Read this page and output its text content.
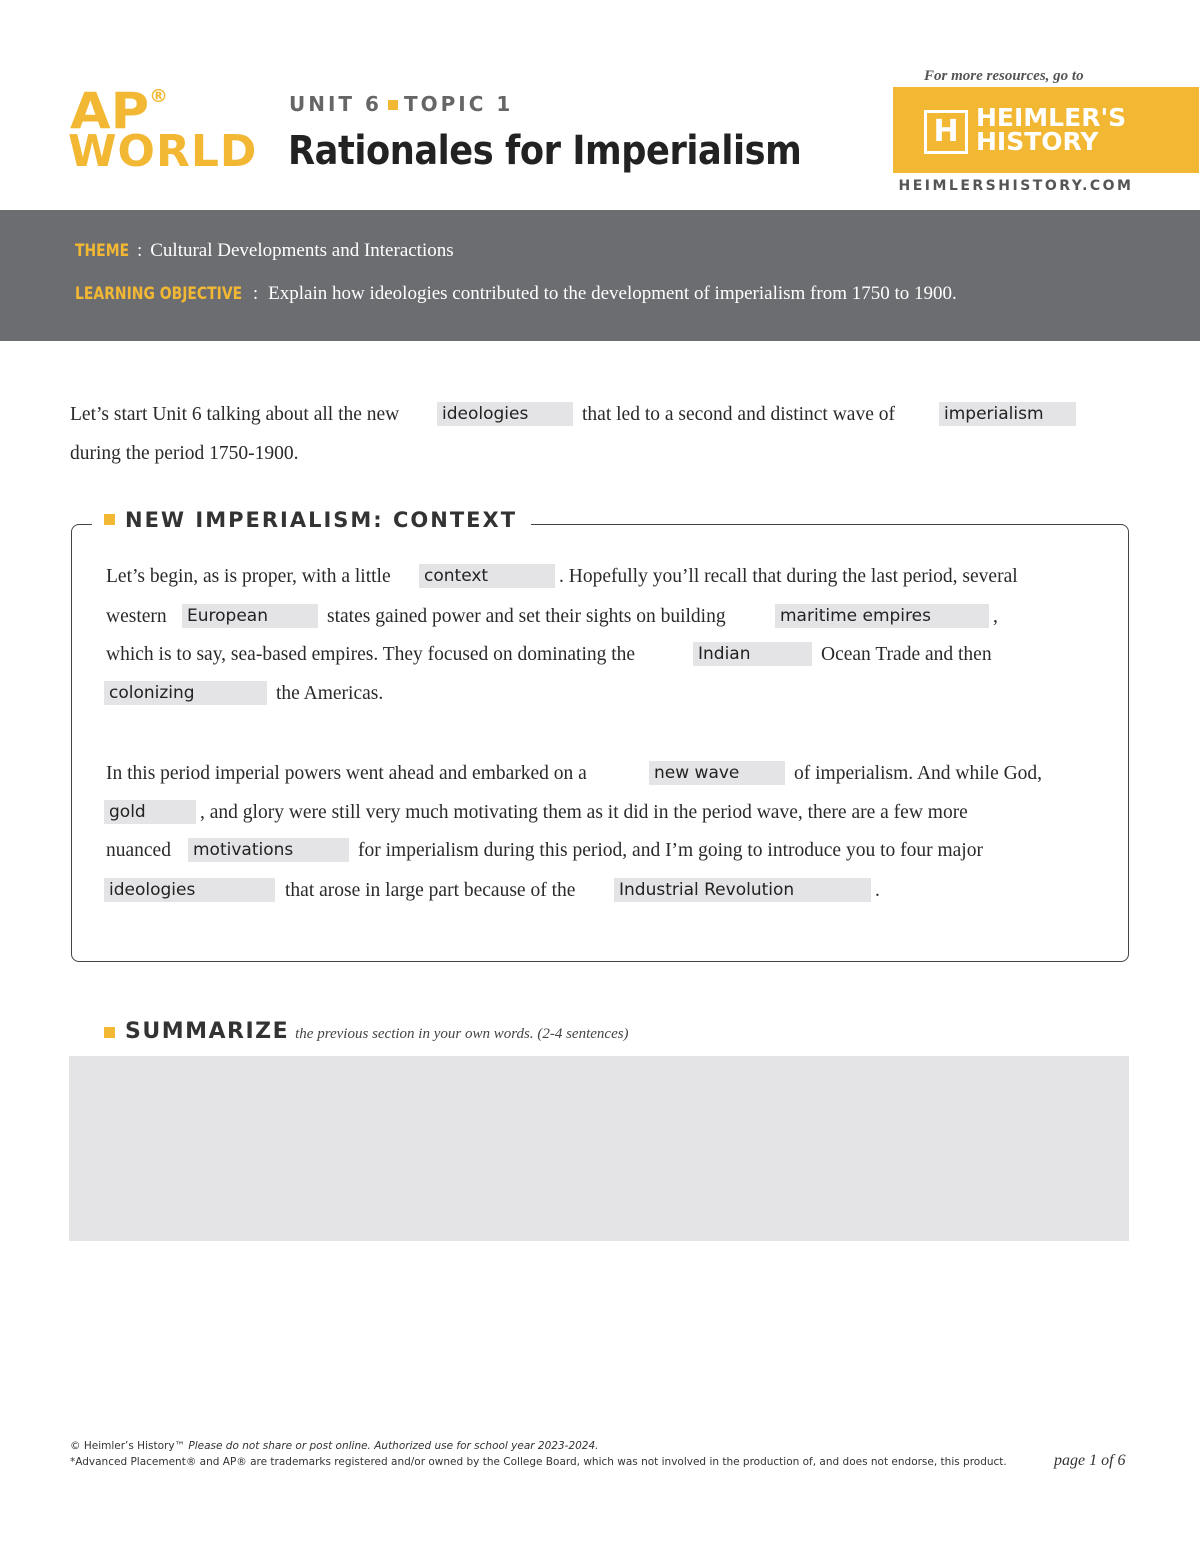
AP®
WORLD
UNIT 6 TOPIC 1
Rationales for Imperialism
For more resources, go to
H HEIMLER'S HISTORY
HEIMLERSHISTORY.COM
THEME : Cultural Developments and Interactions
LEARNING OBJECTIVE : Explain how ideologies contributed to the development of imperialism from 1750 to 1900.
Let’s start Unit 6 talking about all the new	ideologies	that led to a second and distinct wave of	imperialism
during the period 1750-1900.
NEW IMPERIALISM: CONTEXT
Let’s begin, as is proper, with a little context	. Hopefully you’ll recall that during the last period, several
western European	states gained power and set their sights on building	maritime empires	,
which is to say, sea-based empires. They focused on dominating the	Indian	Ocean Trade and then
colonizing	the Americas.
In this period imperial powers went ahead and embarked on a	new wave	of imperialism. And while God,
gold	, and glory were still very much motivating them as it did in the period wave, there are a few more
nuanced motivations	for imperialism during this period, and I’m going to introduce you to four major
ideologies	that arose in large part because of the	Industrial Revolution	.
SUMMARIZE the previous section in your own words. (2-4 sentences)
© Heimler’s History™ Please do not share or post online. Authorized use for school year 2023-2024.
*Advanced Placement® and AP® are trademarks registered and/or owned by the College Board, which was not involved in the production of, and does not endorse, this product.	page 1 of 6
